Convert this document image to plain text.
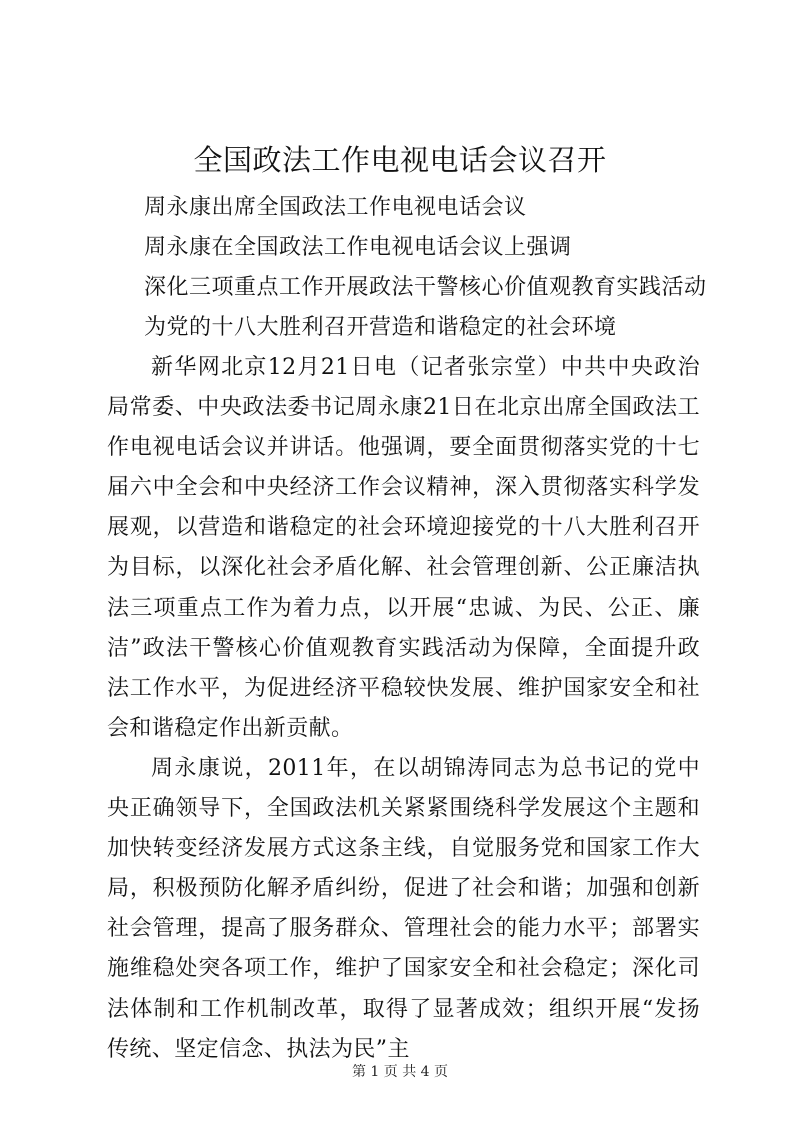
全国政法工作电视电话会议召开
周永康出席全国政法工作电视电话会议
周永康在全国政法工作电视电话会议上强调
深化三项重点工作开展政法干警核心价值观教育实践活动
为党的十八大胜利召开营造和谐稳定的社会环境

新华网北京12月21日电（记者张宗堂）中共中央政治局常委、中央政法委书记周永康21日在北京出席全国政法工作电视电话会议并讲话。他强调，要全面贯彻落实党的十七届六中全会和中央经济工作会议精神，深入贯彻落实科学发展观，以营造和谐稳定的社会环境迎接党的十八大胜利召开为目标，以深化社会矛盾化解、社会管理创新、公正廉洁执法三项重点工作为着力点，以开展“忠诚、为民、公正、廉洁”政法干警核心价值观教育实践活动为保障，全面提升政法工作水平，为促进经济平稳较快发展、维护国家安全和社会和谐稳定作出新贡献。

周永康说，2011年，在以胡锦涛同志为总书记的党中央正确领导下，全国政法机关紧紧围绕科学发展这个主题和加快转变经济发展方式这条主线，自觉服务党和国家工作大局，积极预防化解矛盾纠纷，促进了社会和谐；加强和创新社会管理，提高了服务群众、管理社会的能力水平；部署实施维稳处突各项工作，维护了国家安全和社会稳定；深化司法体制和工作机制改革，取得了显著成效；组织开展“发扬传统、坚定信念、执法为民”主

第 1 页 共 4 页
